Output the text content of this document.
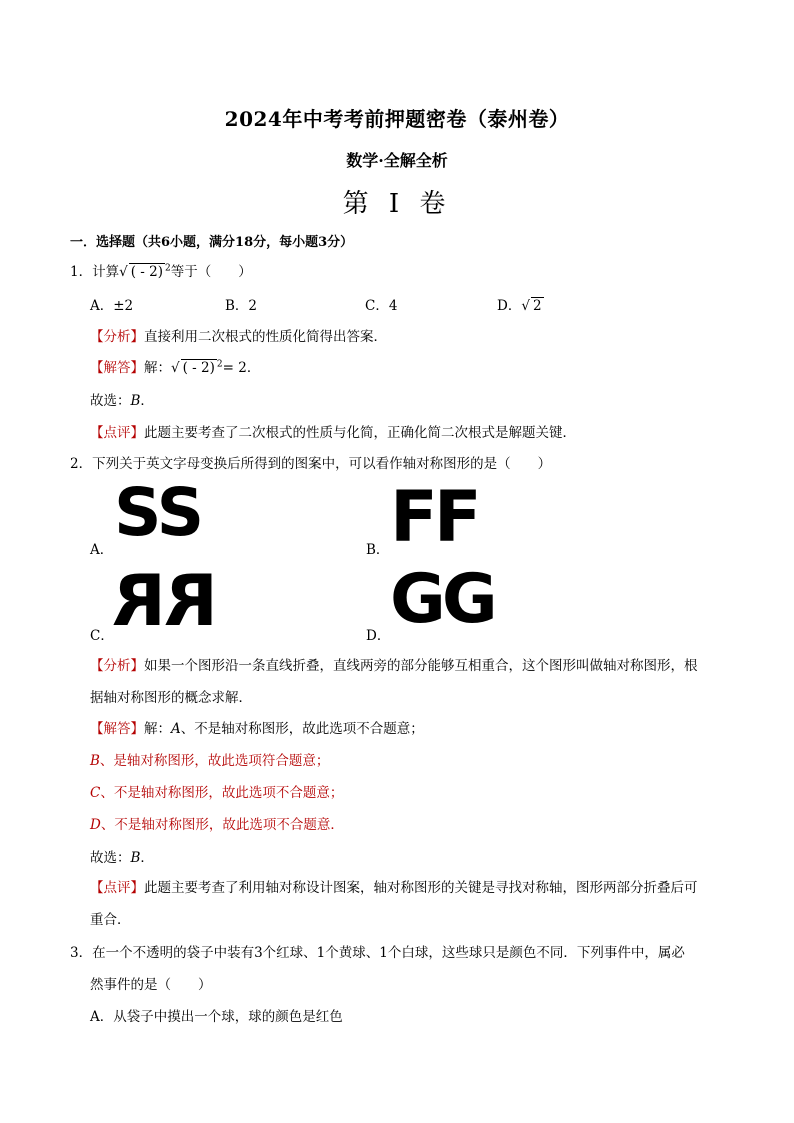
2024年中考考前押题密卷（泰州卷）
数学·全解全析
第 I 卷
一．选择题（共6小题，满分18分，每小题3分）
1．计算√ ( - 2) $^2$等于（　　）
A．±2	B．2	C．4	D．√ 2
【分析】直接利用二次根式的性质化简得出答案．
【解答】解：√ ( - 2) $^2$= 2．
故选：B．
【点评】此题主要考查了二次根式的性质与化简，正确化简二次根式是解题关键．
2．下列关于英文字母变换后所得到的图案中，可以看作轴对称图形的是（　　）
A． SS	B． FF
C． RR	D． GG
【分析】如果一个图形沿一条直线折叠，直线两旁的部分能够互相重合，这个图形叫做轴对称图形，根
据轴对称图形的概念求解．
【解答】解：A、不是轴对称图形，故此选项不合题意；
B、是轴对称图形，故此选项符合题意；
C、不是轴对称图形，故此选项不合题意；
D、不是轴对称图形，故此选项不合题意．
故选：B．
【点评】此题主要考查了利用轴对称设计图案，轴对称图形的关键是寻找对称轴，图形两部分折叠后可
重合．
3．在一个不透明的袋子中装有3个红球、1个黄球、1个白球，这些球只是颜色不同．下列事件中，属必
然事件的是（　　）
A．从袋子中摸出一个球，球的颜色是红色
